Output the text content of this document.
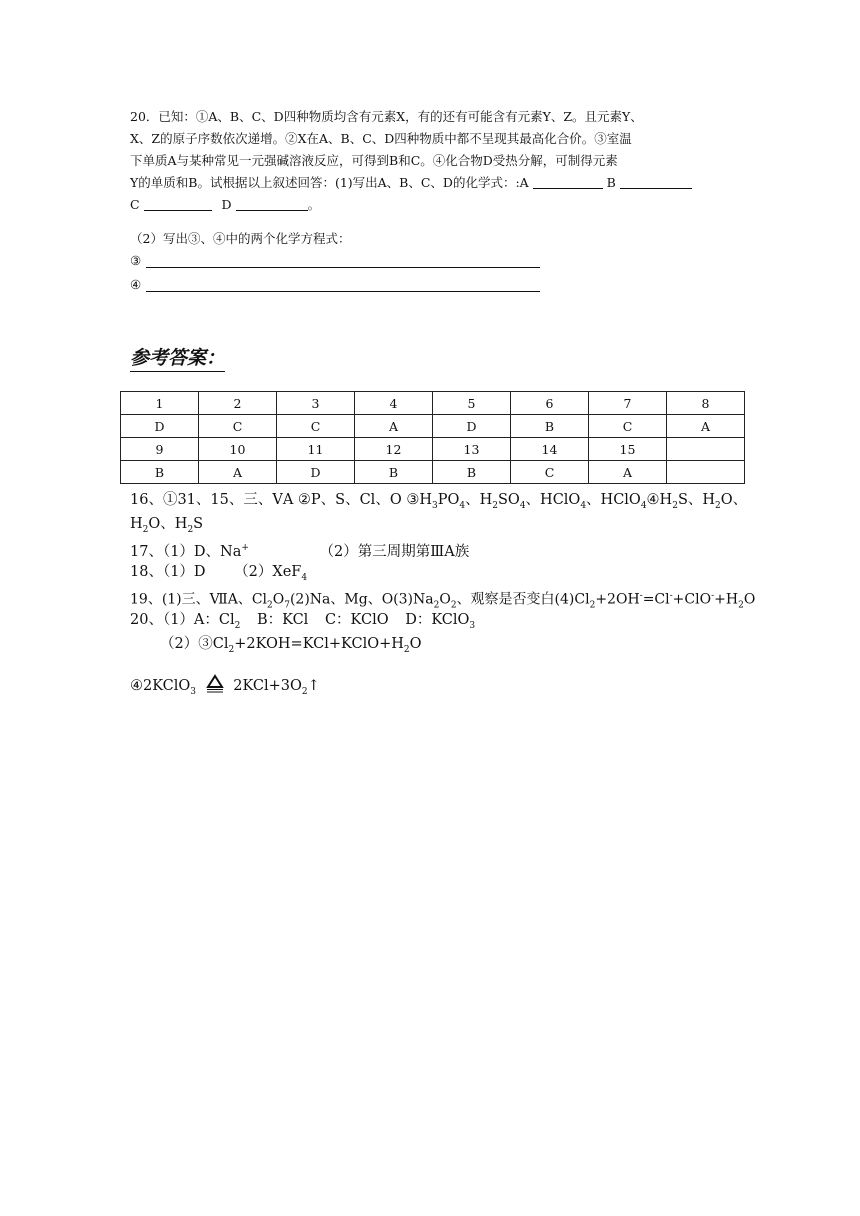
20．已知：①A、B、C、D四种物质均含有元素X，有的还有可能含有元素Y、Z。且元素Y、
X、Z的原子序数依次递增。②X在A、B、C、D四种物质中都不呈现其最高化合价。③室温
下单质A与某种常见一元强碱溶液反应，可得到B和C。④化合物D受热分解，可制得元素
Y的单质和B。试根据以上叙述回答：(1)写出A、B、C、D的化学式：:A	B
C	D	。
（2）写出③、④中的两个化学方程式：
③
④
参考答案：
1	2	3	4	5	6	7	8
D	C	C	A	D	B	C	A
9	10	11	12	13	14	15	
B	A	D	B	B	C	A	
16、①31、15、三、ⅤA ②P、S、Cl、O $③H_3PO_4$、$H_2SO_4$、HClO$_4$、$HClO_4④H_2S$、$H_2O$、
$H_2O$、$H_2S$
17、（1）D、Na+	（2）第三周期第ⅢA族
18、（1）D （2）XeF$_4$
19、(1)三、ⅦA、$Cl_2O_7(2)Na$、Mg、$O(3)Na_2O_2$、观察是否变白$(4)Cl_2+2OH^-=Cl^-+ClO^-+H_2O$
20、（1）A：$Cl_2$ B：KCl C：KClO D：KClO$_3$
$(2)③Cl_2+2KOH=KCl+KClO+H_2O$
④2KClO$_3$	$2KCl+3O_2↑$
